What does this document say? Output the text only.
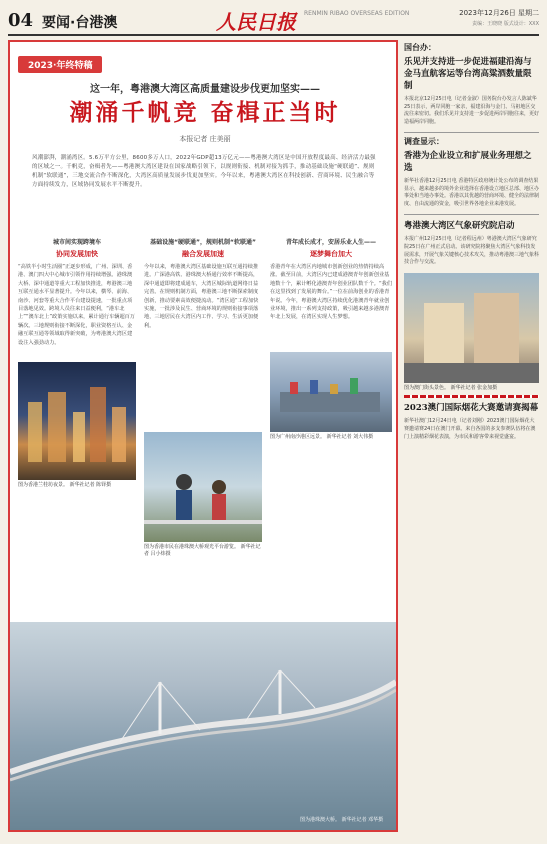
04 要闻·台港澳	人民日报 RENMIN RIBAO OVERSEAS EDITION	2023年12月26日 星期二
责编：王晓晓 版式设计：XXX
2023·年终特稿
这一年，粤港澳大湾区高质量建设步伐更加坚实——
潮涌千帆竞 奋楫正当时
本报记者 庄美丽
风潮澎湃，潮涌湾区。5.6万平方公里，8600多万人口，2022年GDP超13万亿元——粤港澳大湾区是中国开放程度最高、经济活力最强的区域之一。千帆竞，奋楫者先——粤港澳大湾区建设在国家战略引领下，以规则衔接、机制对接为抓手，推动基础设施“硬联通”、规则机制“软联通”，三地交流合作不断深化，大湾区高质量发展步伐更加坚实。今年以来，粤港澳大湾区在科技创新、营商环境、民生融合等方面持续发力，区域协同发展水平不断提升。
城市间实现跨境车
协同发展加快
“高铁半小时生活圈”正逐步形成，广州、深圳、香港、澳门四大中心城市引领作用持续增强。港珠澳大桥、深中通道等重大工程加快推进，粤港澳三地互联互通水平显著提升。今年以来，横琴、前海、南沙、河套等重大合作平台建设提速，一批重点项目落地见效。跨境人员往来日益便利，“港车北上”“澳车北上”政策实施以来，累计通行车辆超百万辆次。三地规则衔接不断深化，职业资格互认、金融互联互通等领域取得新突破，为粤港澳大湾区建设注入强劲动力。
基础设施“硬联通”，规则机制“软联通”
融合发展加速
今年以来，粤港澳大湾区基础设施互联互通持续推进。广深港高铁、港珠澳大桥通行效率不断提高，深中通道即将建成通车，大湾区城际轨道网络日益完善。在规则机制方面，粤港澳三地不断探索制度创新，推动要素高效便捷流动。“湾区通”工程加快实施，一批涉及民生、营商环境的规则衔接事项落地，三地居民在大湾区内工作、学习、生活更加便利。
青年成长成才，安居乐业人生——
逐梦舞台加大
香港青年在大湾区内地城市创新创业的热情持续高涨。截至目前，大湾区内已建成港澳青年创新创业基地数十个，累计孵化港澳青年创业团队数千个。“我们在这里找到了发展的舞台。”一位在前海创业的香港青年说。今年，粤港澳大湾区持续优化港澳青年就业创业环境，推出一系列支持政策，吸引越来越多港澳青年北上发展，在湾区实现人生梦想。
图为香港兰桂坊夜景。 新华社记者 陈铎摄
图为广州南沙港区远景。 新华社记者 刘大伟摄
图为香港市民在港珠澳大桥观光平台游览。 新华社记者 吕小炜摄
图为港珠澳大桥。 新华社记者 邓华摄
国台办：
乐见并支持进一步促进福建沿海与金马直航客运等台湾高粱酒数量限制
本报北京12月25日电（记者金淑）国务院台办发言人陈斌华25日表示，两岸同胞一家亲，福建沿海与金门、马祖地区交流往来密切。我们乐见并支持进一步促进两岸同胞往来，更好造福两岸同胞。
调查显示：
香港为企业设立和扩展业务理想之选
新华社香港12月25日电 香港特区政府统计处公布的调查结果显示，越来越多的境外企业选择在香港设立地区总部、地区办事处和当地办事处。香港以其优越的营商环境、健全的法律制度、自由流通的资金，吸引世界各地企业来港发展。
粤港澳大湾区气象研究院启动
本报广州12月25日电（记者程远州）粤港澳大湾区气象研究院25日在广州正式启动。该研究院将聚焦大湾区气象科技发展需求，开展气象关键核心技术攻关，推动粤港澳三地气象科技合作与交流。
图为澳门街头景色。 新华社记者 张金加摄
2023澳门国际烟花大赛邀请赛揭幕
新华社澳门12月24日电（记者刘刚）2023澳门国际烟花大赛邀请赛24日在澳门开幕。来自各国的多支参赛队伍将在澳门上演精彩烟花表演，为市民和游客带来视觉盛宴。
